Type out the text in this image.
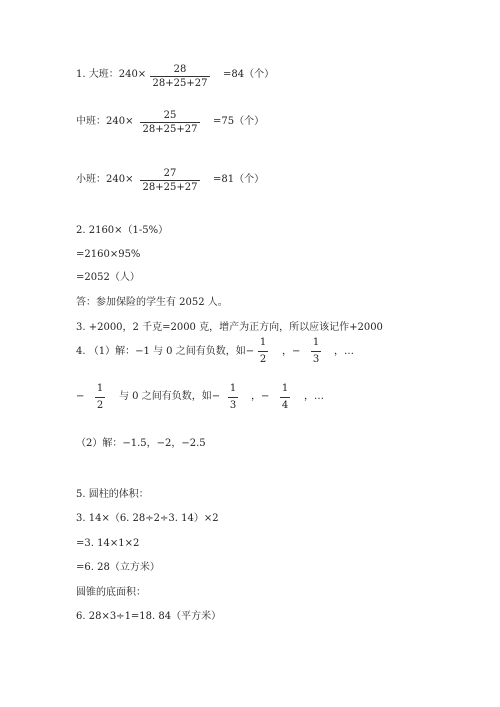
1. 大班：240×	28
28+25+27
=84（个）
中班：240×
25
28+25+27
=75（个）
小班：240×
27
28+25+27
=81（个）
2. 2160×（1-5%）
=2160×95%
=2052（人）
答：参加保险的学生有 2052 人。
3. +2000，2 千克=2000 克，增产为正方向，所以应该记作+2000
4. （1）解：−1 与 0 之间有负数，如−
1
2
，−
1
3
，…
−
1
2
与 0 之间有负数，如−
1
3
，−
1
4
，…
（2）解：−1.5，−2，−2.5
5. 圆柱的体积：
3. 14×（6. 28÷2÷3. 14）×2
=3. 14×1×2
=6. 28（立方米）
圆锥的底面积：
6. 28×3÷1=18. 84（平方米）
